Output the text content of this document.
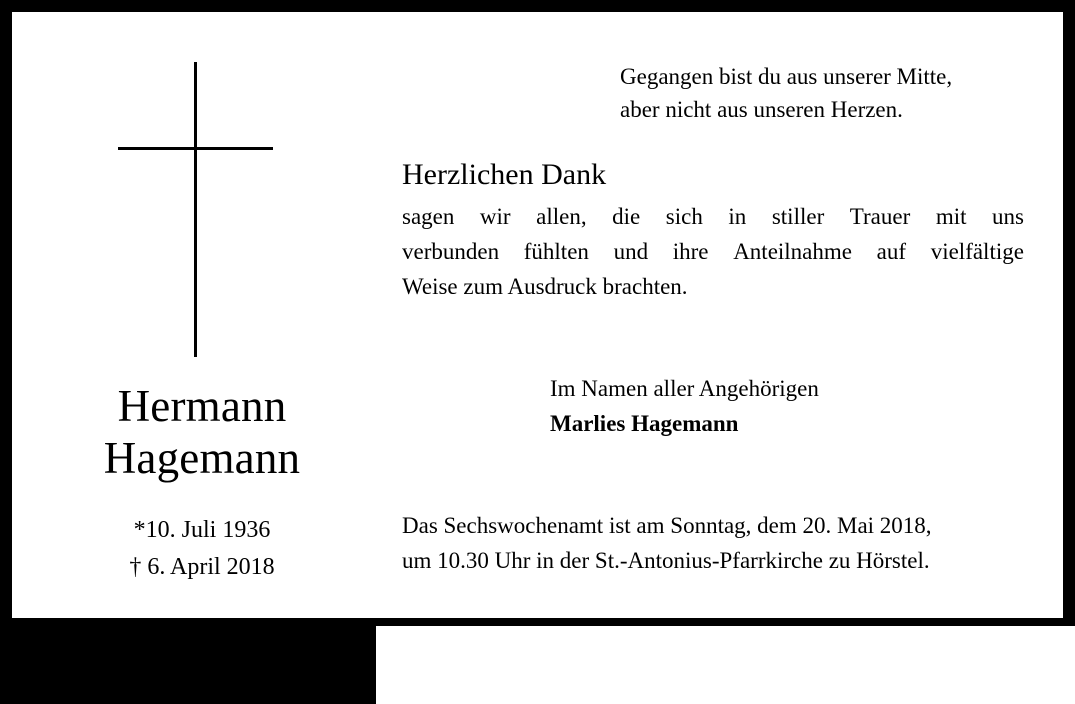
Hermann
Hagemann
*10. Juli 1936
† 6. April 2018
Gegangen bist du aus unserer Mitte,
aber nicht aus unseren Herzen.
Herzlichen Dank
sagen wir allen, die sich in stiller Trauer mit uns
verbunden fühlten und ihre Anteilnahme auf vielfältige
Weise zum Ausdruck brachten.
Im Namen aller Angehörigen
Marlies Hagemann
Das Sechswochenamt ist am Sonntag, dem 20. Mai 2018,
um 10.30 Uhr in der St.-Antonius-Pfarrkirche zu Hörstel.
